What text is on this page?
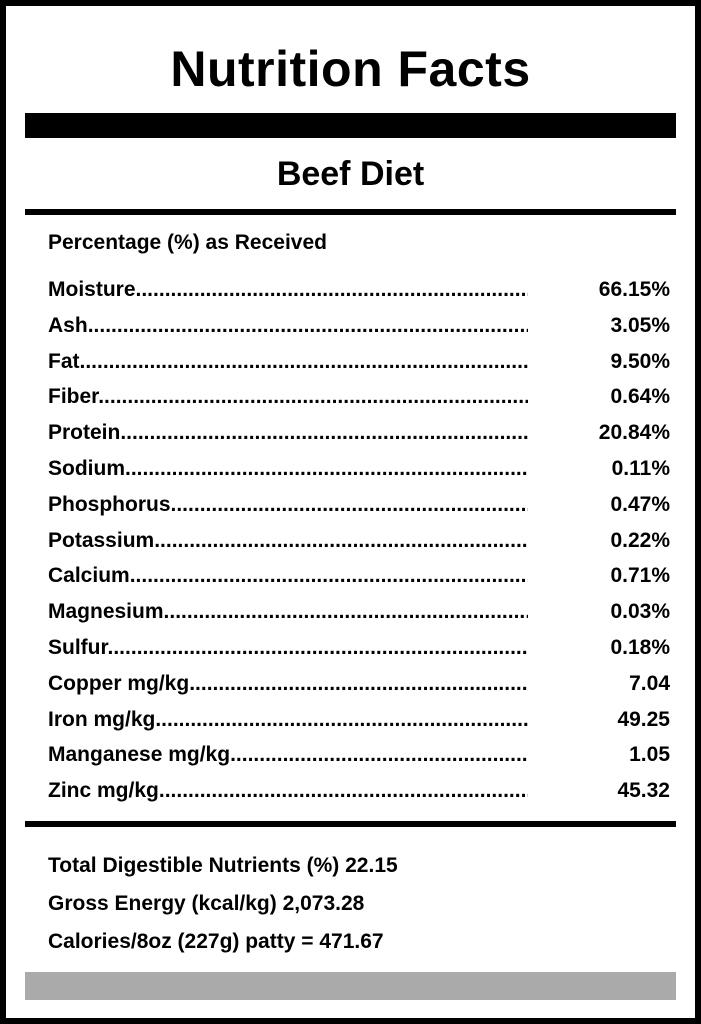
Nutrition Facts
Beef Diet
Percentage (%) as Received
Moisture .....	66.15%
Ash .....	3.05%
Fat .....	9.50%
Fiber .....	0.64%
Protein .....	20.84%
Sodium .....	0.11%
Phosphorus .....	0.47%
Potassium .....	0.22%
Calcium .....	0.71%
Magnesium .....	0.03%
Sulfur .....	0.18%
Copper mg/kg .....	7.04
Iron mg/kg .....	49.25
Manganese mg/kg .....	1.05
Zinc mg/kg .....	45.32
Total Digestible Nutrients (%) 22.15
Gross Energy (kcal/kg) 2,073.28
Calories/8oz (227g) patty = 471.67
